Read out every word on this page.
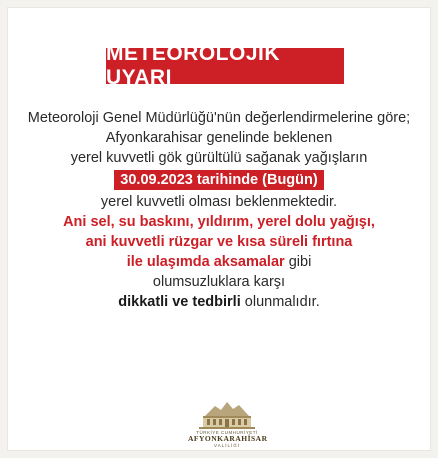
METEOROLOJİK UYARI
Meteoroloji Genel Müdürlüğü'nün değerlendirmelerine göre;
Afyonkarahisar genelinde beklenen
yerel kuvvetli gök gürültülü sağanak yağışların
30.09.2023 tarihinde (Bugün)
yerel kuvvetli olması beklenmektedir.
Ani sel, su baskını, yıldırım, yerel dolu yağışı,
ani kuvvetli rüzgar ve kısa süreli fırtına
ile ulaşımda aksamalar gibi
olumsuzluklara karşı
dikkatli ve tedbirli olunmalıdır.
TÜRKİYE CUMHURİYETİ
AFYONKARAHİSAR
VALİLİĞİ
